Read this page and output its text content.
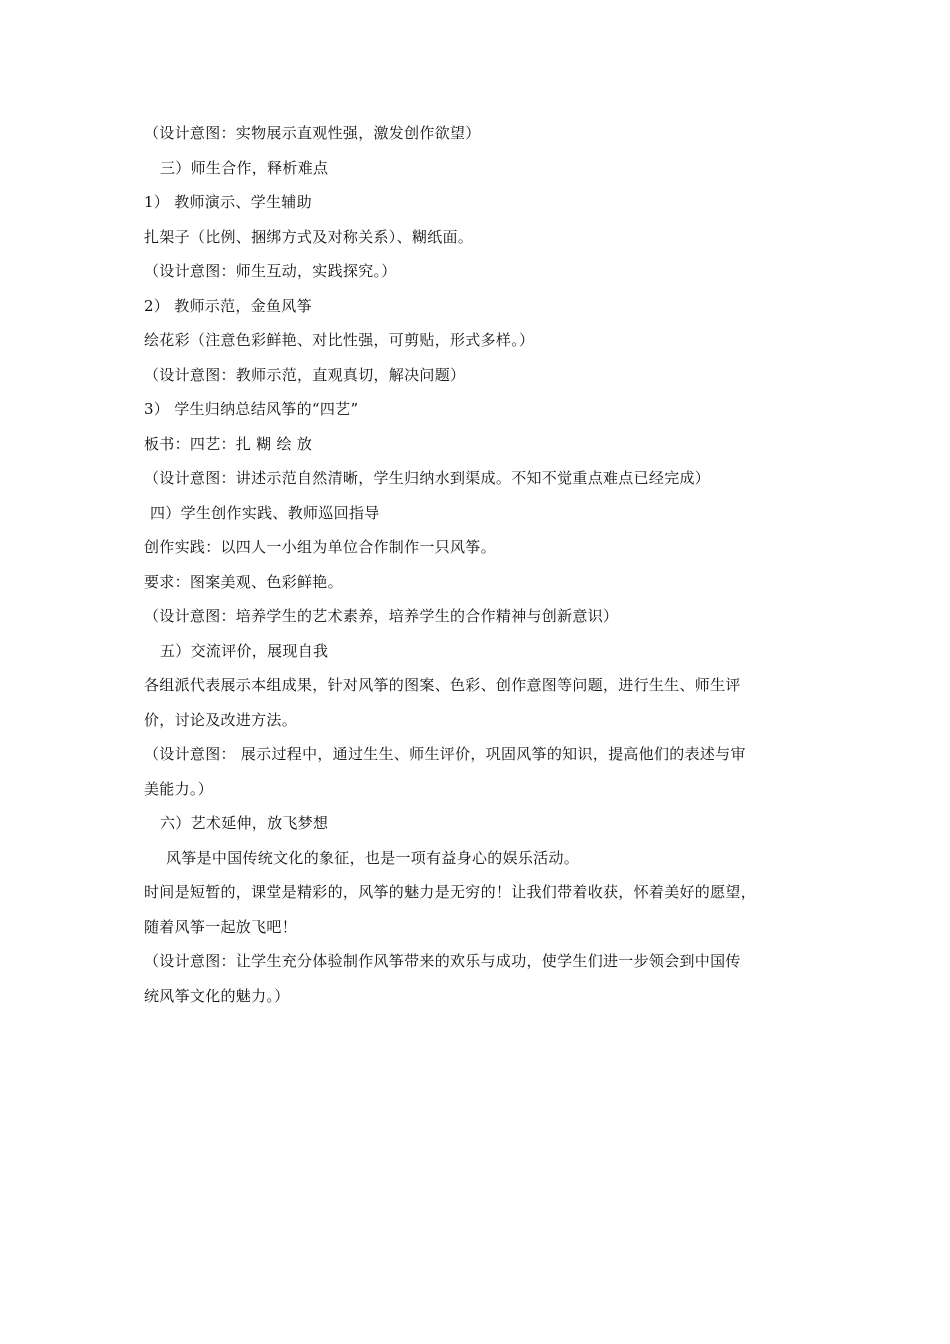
（设计意图：实物展示直观性强，激发创作欲望）
三）师生合作，释析难点
1） 教师演示、学生辅助
扎架子（比例、捆绑方式及对称关系）、糊纸面。
（设计意图：师生互动，实践探究。）
2） 教师示范，金鱼风筝
绘花彩（注意色彩鲜艳、对比性强，可剪贴，形式多样。）
（设计意图：教师示范，直观真切，解决问题）
3） 学生归纳总结风筝的“四艺”
板书：四艺：扎 糊 绘 放
（设计意图：讲述示范自然清晰，学生归纳水到渠成。不知不觉重点难点已经完成）
四）学生创作实践、教师巡回指导
创作实践：以四人一小组为单位合作制作一只风筝。
要求：图案美观、色彩鲜艳。
（设计意图：培养学生的艺术素养，培养学生的合作精神与创新意识）
五）交流评价，展现自我
各组派代表展示本组成果，针对风筝的图案、色彩、创作意图等问题，进行生生、师生评
价，讨论及改进方法。
（设计意图： 展示过程中，通过生生、师生评价，巩固风筝的知识，提高他们的表述与审
美能力。）
六）艺术延伸，放飞梦想
风筝是中国传统文化的象征，也是一项有益身心的娱乐活动。
时间是短暂的，课堂是精彩的，风筝的魅力是无穷的！让我们带着收获，怀着美好的愿望，
随着风筝一起放飞吧！
（设计意图：让学生充分体验制作风筝带来的欢乐与成功，使学生们进一步领会到中国传
统风筝文化的魅力。）
